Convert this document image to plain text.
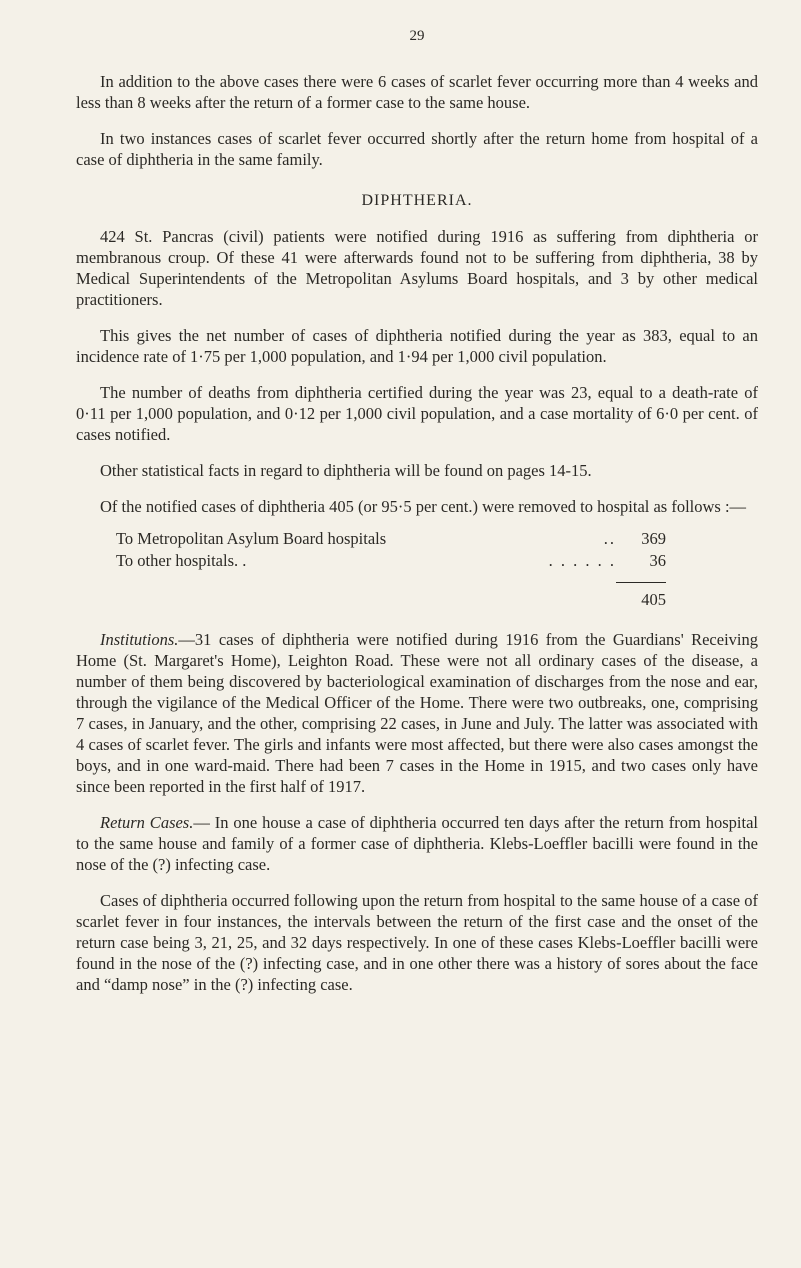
29

In addition to the above cases there were 6 cases of scarlet fever occurring more than 4 weeks and less than 8 weeks after the return of a former case to the same house.

In two instances cases of scarlet fever occurred shortly after the return home from hospital of a case of diphtheria in the same family.

DIPHTHERIA.

424 St. Pancras (civil) patients were notified during 1916 as suffering from diphtheria or membranous croup. Of these 41 were afterwards found not to be suffering from diphtheria, 38 by Medical Superintendents of the Metropolitan Asylums Board hospitals, and 3 by other medical practitioners.

This gives the net number of cases of diphtheria notified during the year as 383, equal to an incidence rate of 1·75 per 1,000 population, and 1·94 per 1,000 civil population.

The number of deaths from diphtheria certified during the year was 23, equal to a death-rate of 0·11 per 1,000 population, and 0·12 per 1,000 civil population, and a case mortality of 6·0 per cent. of cases notified.

Other statistical facts in regard to diphtheria will be found on pages 14-15.

Of the notified cases of diphtheria 405 (or 95·5 per cent.) were removed to hospital as follows :—

To Metropolitan Asylum Board hospitals	..	369
To other hospitals. .	. . . . . .	36

		405

Institutions.—31 cases of diphtheria were notified during 1916 from the Guardians' Receiving Home (St. Margaret's Home), Leighton Road. These were not all ordinary cases of the disease, a number of them being discovered by bacteriological examination of discharges from the nose and ear, through the vigilance of the Medical Officer of the Home. There were two outbreaks, one, comprising 7 cases, in January, and the other, comprising 22 cases, in June and July. The latter was associated with 4 cases of scarlet fever. The girls and infants were most affected, but there were also cases amongst the boys, and in one ward-maid. There had been 7 cases in the Home in 1915, and two cases only have since been reported in the first half of 1917.

Return Cases.— In one house a case of diphtheria occurred ten days after the return from hospital to the same house and family of a former case of diphtheria. Klebs-Loeffler bacilli were found in the nose of the (?) infecting case.

Cases of diphtheria occurred following upon the return from hospital to the same house of a case of scarlet fever in four instances, the intervals between the return of the first case and the onset of the return case being 3, 21, 25, and 32 days respectively. In one of these cases Klebs-Loeffler bacilli were found in the nose of the (?) infecting case, and in one other there was a history of sores about the face and “damp nose” in the (?) infecting case.
